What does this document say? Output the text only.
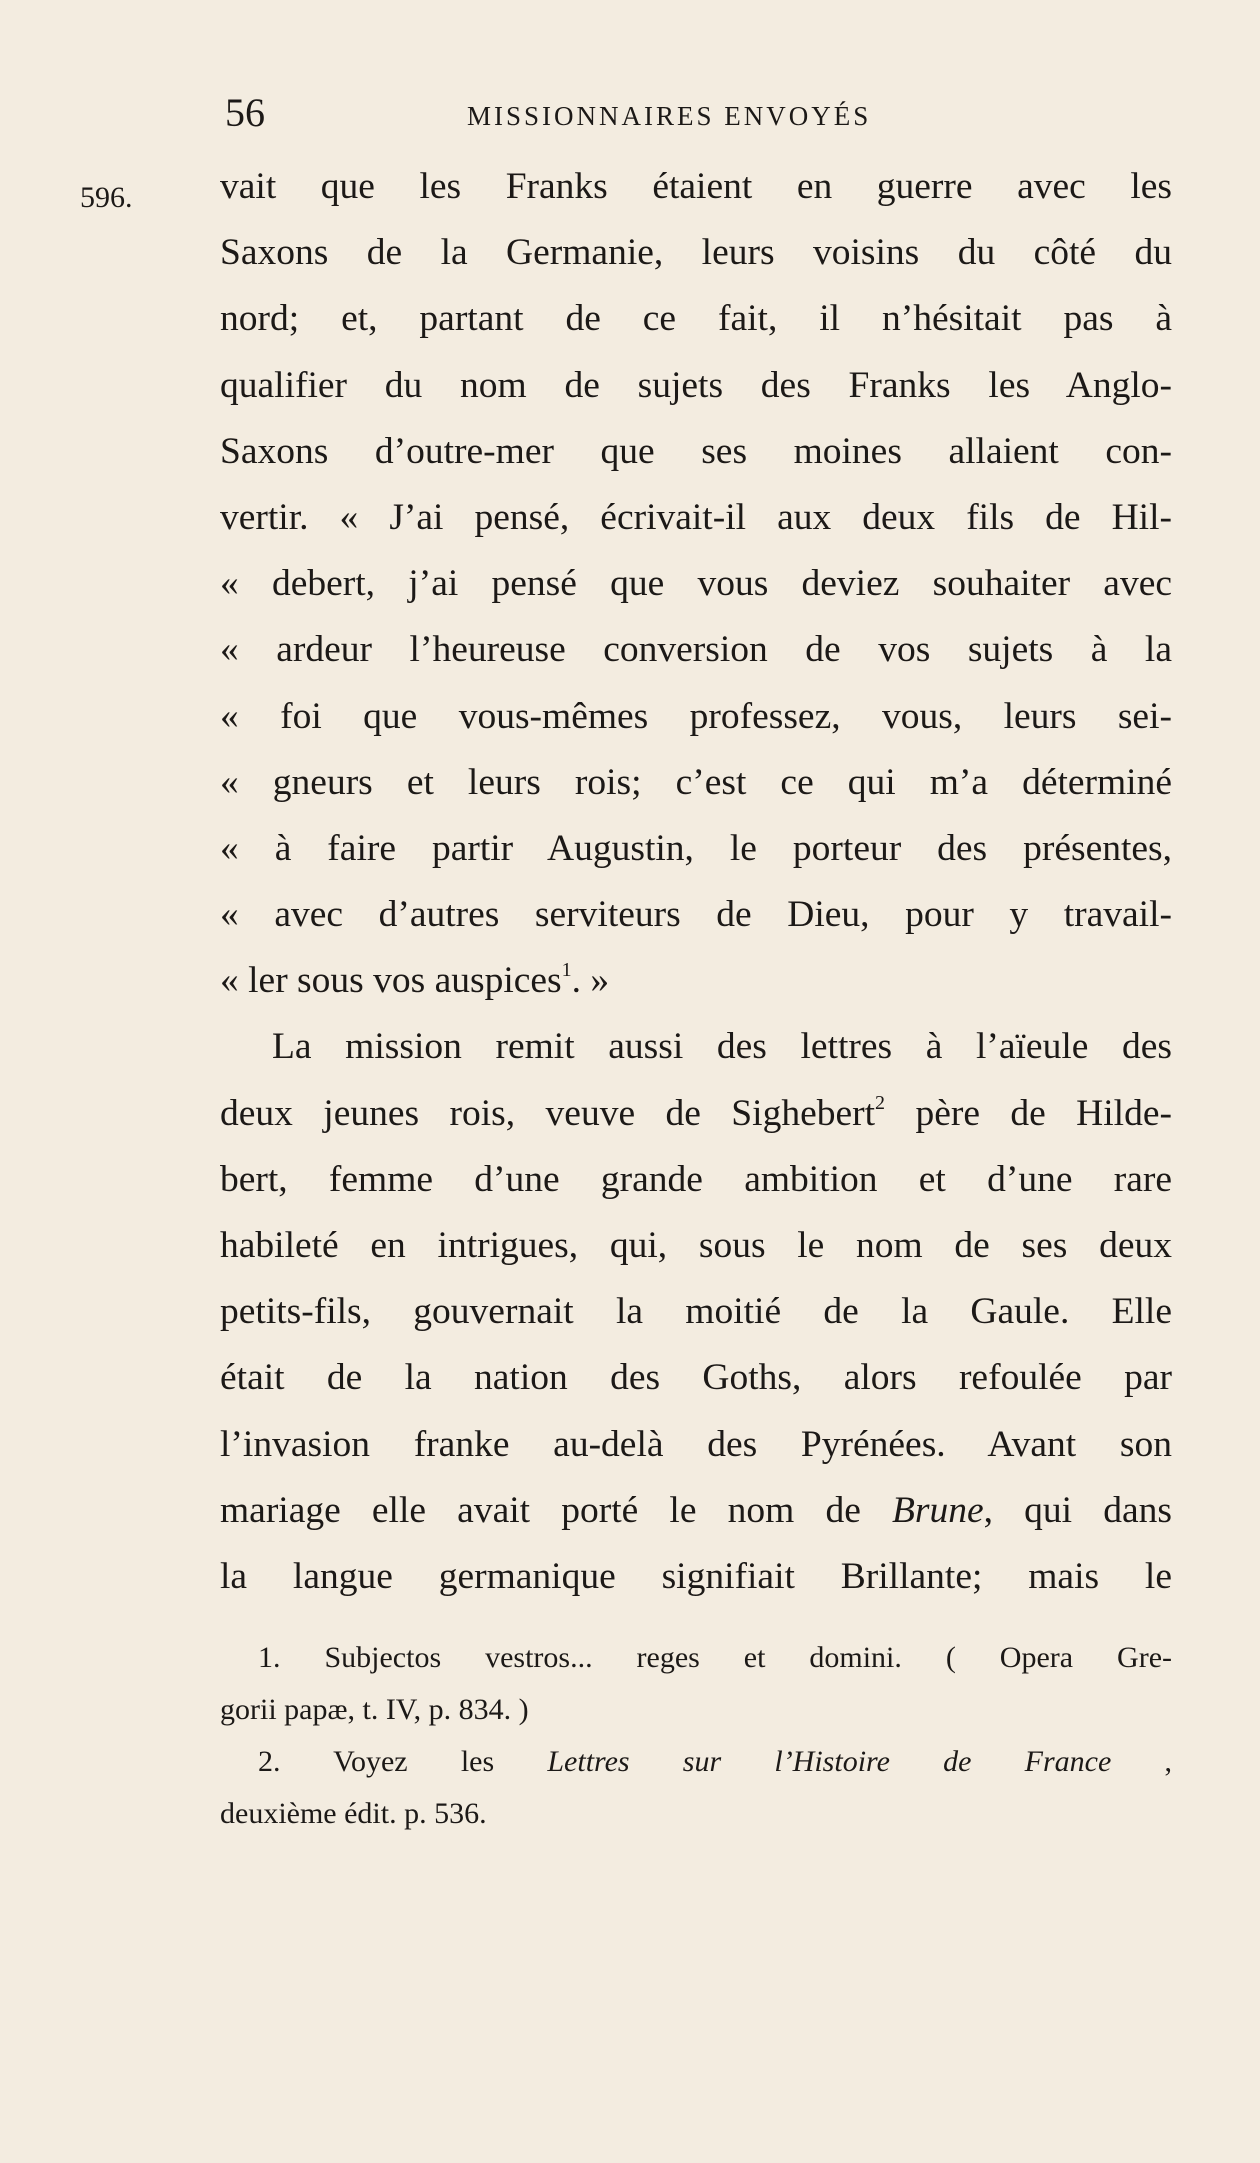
56	MISSIONNAIRES ENVOYÉS
596. vait que les Franks étaient en guerre avec les
Saxons de la Germanie, leurs voisins du côté du
nord; et, partant de ce fait, il n’hésitait pas à
qualifier du nom de sujets des Franks les Anglo-
Saxons d’outre-mer que ses moines allaient con-
vertir. « J’ai pensé, écrivait-il aux deux fils de Hil-
« debert, j’ai pensé que vous deviez souhaiter avec
« ardeur l’heureuse conversion de vos sujets à la
« foi que vous-mêmes professez, vous, leurs sei-
« gneurs et leurs rois; c’est ce qui m’a déterminé
« à faire partir Augustin, le porteur des présentes,
« avec d’autres serviteurs de Dieu, pour y travail-
« ler sous vos auspices$^1$. »
La mission remit aussi des lettres à l’aïeule des
deux jeunes rois, veuve de Sighebert$^2$ père de Hilde-
bert, femme d’une grande ambition et d’une rare
habileté en intrigues, qui, sous le nom de ses deux
petits-fils, gouvernait la moitié de la Gaule. Elle
était de la nation des Goths, alors refoulée par
l’invasion franke au-delà des Pyrénées. Avant son
mariage elle avait porté le nom de Brune, qui dans
la langue germanique signifiait Brillante; mais le
1. Subjectos vestros... reges et domini. ( Opera Gre-
gorii papæ, t. IV, p. 834. )
2. Voyez les Lettres sur l’Histoire de France ,
deuxième édit. p. 536.
